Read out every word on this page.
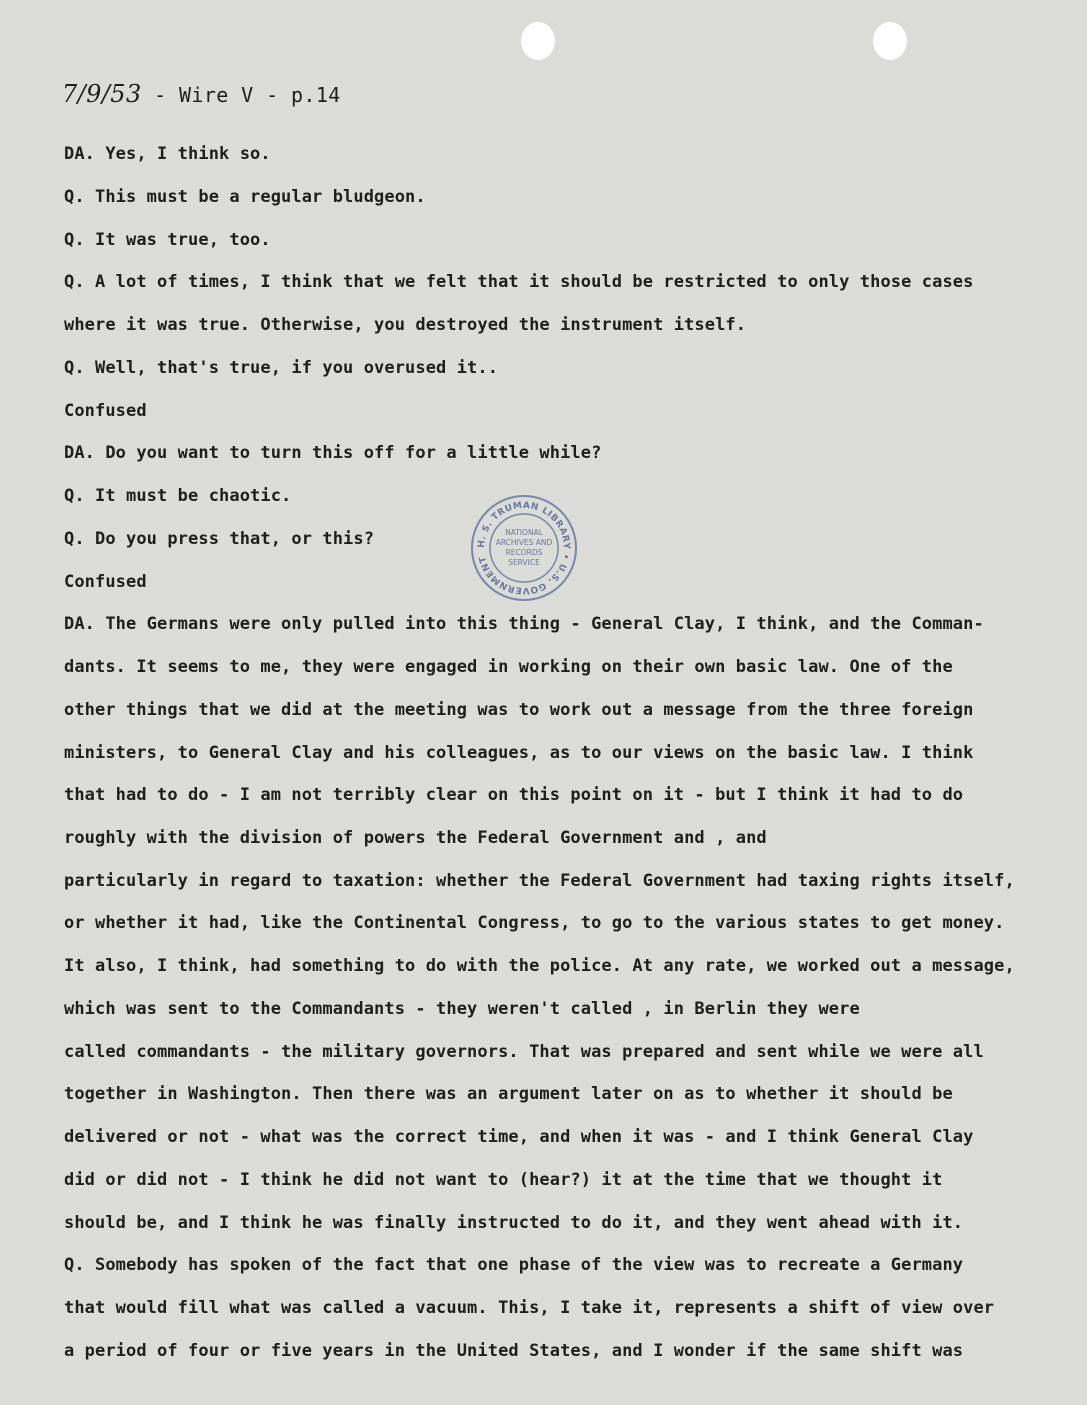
7/9/53 - Wire V - p.14
DA. Yes, I think so.
Q. This must be a regular bludgeon.
Q. It was true, too.
Q. A lot of times, I think that we felt that it should be restricted to only those cases
where it was true. Otherwise, you destroyed the instrument itself.
Q. Well, that's true, if you overused it..
Confused
DA. Do you want to turn this off for a little while?
Q. It must be chaotic.
Q. Do you press that, or this?
Confused
DA. The Germans were only pulled into this thing - General Clay, I think, and the Comman-
dants. It seems to me, they were engaged in working on their own basic law. One of the
other things that we did at the meeting was to work out a message from the three foreign
ministers, to General Clay and his colleagues, as to our views on the basic law. I think
that had to do - I am not terribly clear on this point on it - but I think it had to do
roughly with the division of powers the Federal Government and , and
particularly in regard to taxation: whether the Federal Government had taxing rights itself,
or whether it had, like the Continental Congress, to go to the various states to get money.
It also, I think, had something to do with the police. At any rate, we worked out a message,
which was sent to the Commandants - they weren't called , in Berlin they were
called commandants - the military governors. That was prepared and sent while we were all
together in Washington. Then there was an argument later on as to whether it should be
delivered or not - what was the correct time, and when it was - and I think General Clay
did or did not - I think he did not want to (hear?) it at the time that we thought it
should be, and I think he was finally instructed to do it, and they went ahead with it.
Q. Somebody has spoken of the fact that one phase of the view was to recreate a Germany
that would fill what was called a vacuum. This, I take it, represents a shift of view over
a period of four or five years in the United States, and I wonder if the same shift was
H. S. TRUMAN LIBRARY • U.S. GOVERNMENT
NATIONAL
ARCHIVES AND
RECORDS
SERVICE
